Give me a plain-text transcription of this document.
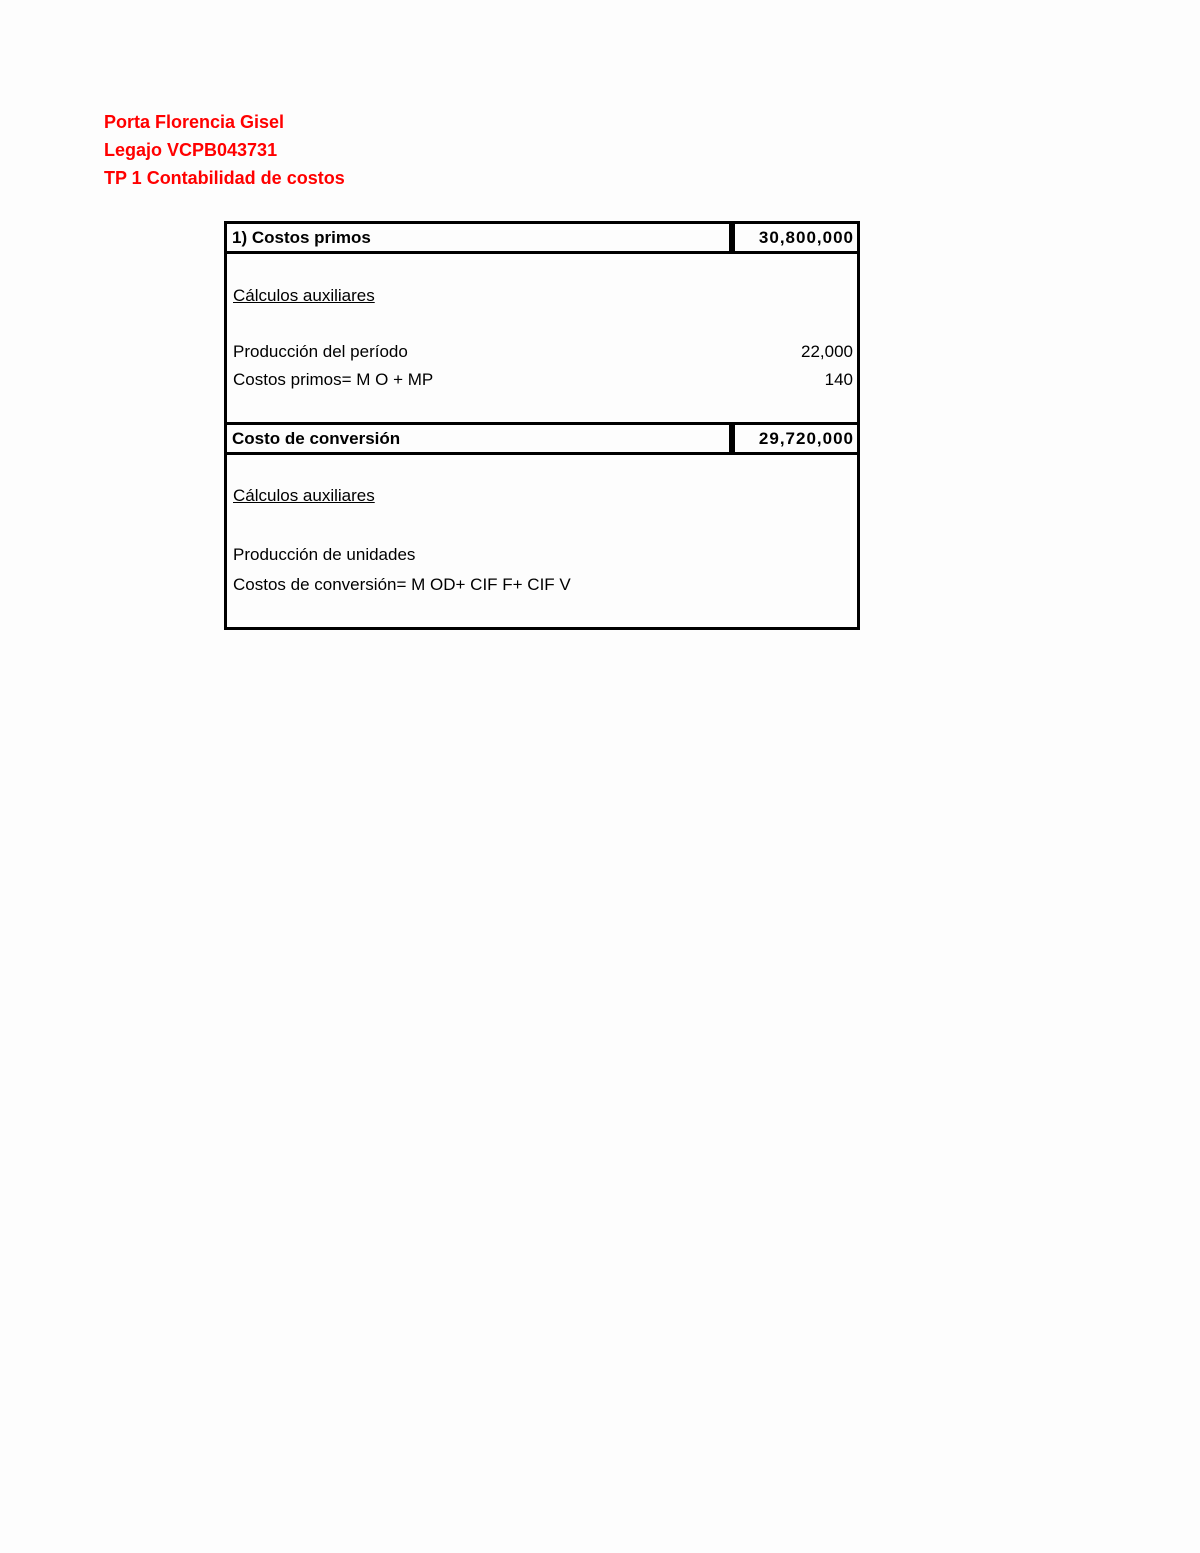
Porta Florencia Gisel
Legajo VCPB043731
TP 1 Contabilidad de costos
1) Costos primos	30,800,000
Cálculos auxiliares
Producción del período	22,000
Costos primos= M O + MP	140
Costo de conversión	29,720,000
Cálculos auxiliares
Producción de unidades
Costos de conversión= M OD+ CIF F+ CIF V
